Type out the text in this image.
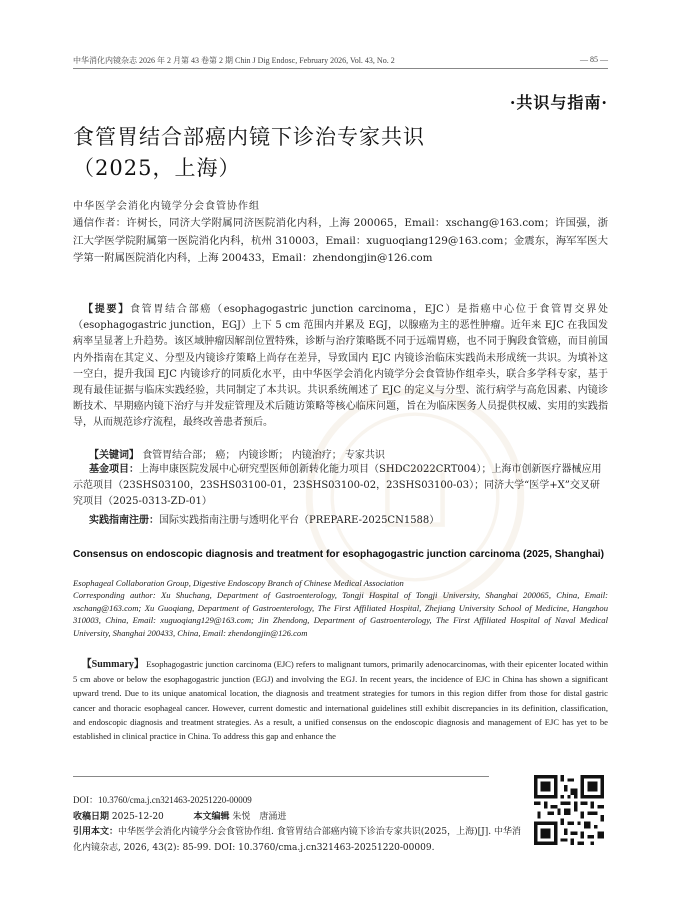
中华消化内镜杂志 2026 年 2 月第 43 卷第 2 期 Chin J Dig Endosc, February 2026, Vol. 43, No. 2	— 85 —
·共识与指南·
食管胃结合部癌内镜下诊治专家共识
（2025，上海）
中华医学会消化内镜学分会食管协作组
通信作者：许树长，同济大学附属同济医院消化内科，上海 200065，Email：xschang@163.com；许国强，浙江大学医学院附属第一医院消化内科，杭州 310003，Email：xuguoqiang129@163.com；金震东，海军军医大学第一附属医院消化内科，上海 200433，Email：zhendongjin@126.com
【提要】食管胃结合部癌（esophagogastric junction carcinoma，EJC）是指癌中心位于食管胃交界处（esophagogastric junction，EGJ）上下 5 cm 范围内并累及 EGJ，以腺癌为主的恶性肿瘤。近年来 EJC 在我国发病率呈显著上升趋势。该区域肿瘤因解剖位置特殊，诊断与治疗策略既不同于远端胃癌，也不同于胸段食管癌，而目前国内外指南在其定义、分型及内镜诊疗策略上尚存在差异，导致国内 EJC 内镜诊治临床实践尚未形成统一共识。为填补这一空白，提升我国 EJC 内镜诊疗的同质化水平，由中华医学会消化内镜学分会食管协作组牵头，联合多学科专家，基于现有最佳证据与临床实践经验，共同制定了本共识。共识系统阐述了 EJC 的定义与分型、流行病学与高危因素、内镜诊断技术、早期癌内镜下治疗与并发症管理及术后随访策略等核心临床问题，旨在为临床医务人员提供权威、实用的实践指导，从而规范诊疗流程，最终改善患者预后。
【关键词】 食管胃结合部； 癌； 内镜诊断； 内镜治疗； 专家共识
基金项目：上海申康医院发展中心研究型医师创新转化能力项目（SHDC2022CRT004）；上海市创新医疗器械应用示范项目（23SHS03100，23SHS03100-01，23SHS03100-02，23SHS03100-03）；同济大学“医学+X”交叉研究项目（2025-0313-ZD-01）
实践指南注册：国际实践指南注册与透明化平台（PREPARE-2025CN1588）
Consensus on endoscopic diagnosis and treatment for esophagogastric junction carcinoma (2025, Shanghai)
Esophageal Collaboration Group, Digestive Endoscopy Branch of Chinese Medical Association
Corresponding author: Xu Shuchang, Department of Gastroenterology, Tongji Hospital of Tongji University, Shanghai 200065, China, Email: xschang@163.com; Xu Guoqiang, Department of Gastroenterology, The First Affiliated Hospital, Zhejiang University School of Medicine, Hangzhou 310003, China, Email: xuguoqiang129@163.com; Jin Zhendong, Department of Gastroenterology, The First Affiliated Hospital of Naval Medical University, Shanghai 200433, China, Email: zhendongjin@126.com
【Summary】 Esophagogastric junction carcinoma (EJC) refers to malignant tumors, primarily adenocarcinomas, with their epicenter located within 5 cm above or below the esophagogastric junction (EGJ) and involving the EGJ. In recent years, the incidence of EJC in China has shown a significant upward trend. Due to its unique anatomical location, the diagnosis and treatment strategies for tumors in this region differ from those for distal gastric cancer and thoracic esophageal cancer. However, current domestic and international guidelines still exhibit discrepancies in its definition, classification, and endoscopic diagnosis and treatment strategies. As a result, a unified consensus on the endoscopic diagnosis and management of EJC has yet to be established in clinical practice in China. To address this gap and enhance the
DOI：10.3760/cma.j.cn321463-20251220-00009
收稿日期 2025-12-20	本文编辑 朱悦　唐涌进
引用本文：中华医学会消化内镜学分会食管协作组. 食管胃结合部癌内镜下诊治专家共识(2025，上海)[J]. 中华消化内镜杂志, 2026, 43(2): 85-99. DOI: 10.3760/cma.j.cn321463-20251220-00009.
